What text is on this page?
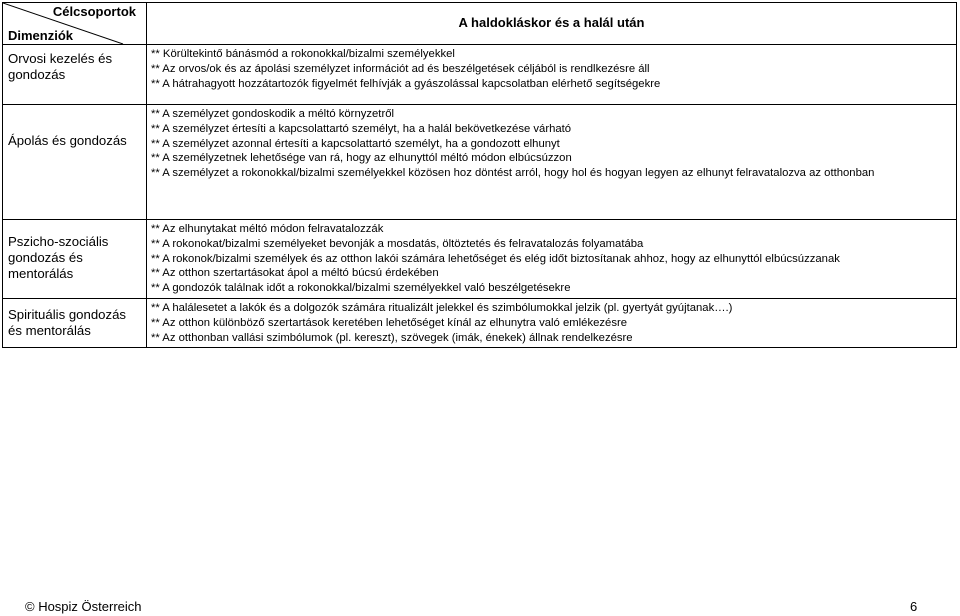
Célcsoportok
Dimenziók	A haldokláskor és a halál után
Orvosi kezelés és gondozás	** Körültekintő bánásmód a rokonokkal/bizalmi személyekkel
** Az orvos/ok és az ápolási személyzet információt ad és beszélgetések céljából is rendlkezésre áll
** A hátrahagyott hozzátartozók figyelmét felhívják a gyászolással kapcsolatban elérhető segítségekre

Ápolás és gondozás	** A személyzet gondoskodik a méltó környzetről
** A személyzet értesíti a kapcsolattartó személyt, ha a halál bekövetkezése várható
** A személyzet azonnal értesíti a kapcsolattartó személyt, ha a gondozott elhunyt
** A személyzetnek lehetősége van rá, hogy az elhunyttól méltó módon elbúcsúzzon
** A személyzet a rokonokkal/bizalmi személyekkel közösen hoz döntést arról, hogy hol és hogyan legyen az elhunyt felravatalozva az otthonban

Pszicho-szociális gondozás és mentorálás	** Az elhunytakat méltó módon felravatalozzák
** A rokonokat/bizalmi személyeket bevonják a mosdatás, öltöztetés és felravatalozás folyamatába
** A rokonok/bizalmi személyek és az otthon lakói számára lehetőséget és elég időt biztosítanak ahhoz, hogy az elhunyttól elbúcsúzzanak
** Az otthon szertartásokat ápol a méltó búcsú érdekében
** A gondozók találnak időt a rokonokkal/bizalmi személyekkel való beszélgetésekre

Spirituális gondozás és mentorálás	** A halálesetet a lakók és a dolgozók számára ritualizált jelekkel és szimbólumokkal jelzik (pl. gyertyát gyújtanak….)
** Az otthon különböző szertartások keretében lehetőséget kínál az elhunytra való emlékezésre
** Az otthonban vallási szimbólumok (pl. kereszt), szövegek (imák, énekek) állnak rendelkezésre
© Hospiz Österreich	6
